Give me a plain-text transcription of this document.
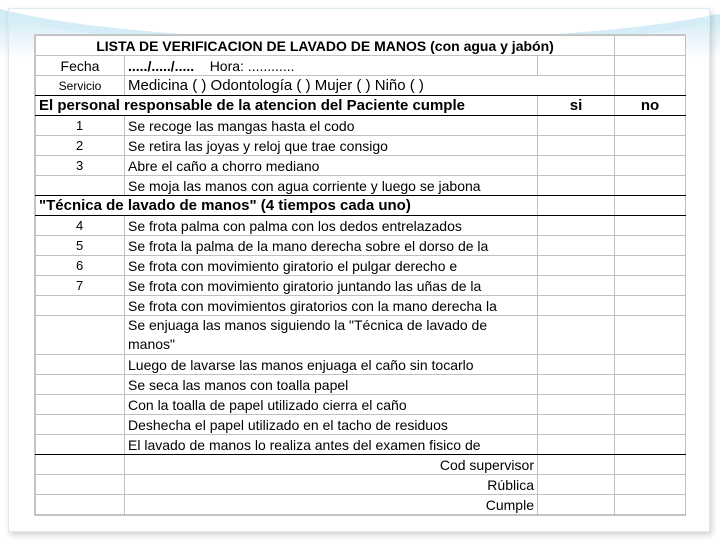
LISTA DE VERIFICACION DE LAVADO DE MANOS (con agua y jabón)			
Fecha	...../...../..... Hora: ............		
Servicio	Medicina ( ) Odontología ( ) Mujer ( ) Niño ( )		
El personal responsable de la atencion del Paciente cumple		si	no
1	Se recoge las mangas hasta el codo		
2	Se retira las joyas y reloj que trae consigo		
3	Abre el caño a chorro mediano		
	Se moja las manos con agua corriente y luego se jabona		
"Técnica de lavado de manos" (4 tiempos cada uno)			
4	Se frota palma con palma con los dedos entrelazados		
5	Se frota la palma de la mano derecha sobre el dorso de la		
6	Se frota con movimiento giratorio el pulgar derecho e		
7	Se frota con movimiento giratorio juntando las uñas de la		
	Se frota con movimientos giratorios con la mano derecha la		
	Se enjuaga las manos siguiendo la "Técnica de lavado de manos"		
	Luego de lavarse las manos enjuaga el caño sin tocarlo		
	Se seca las manos con toalla papel		
	Con la toalla de papel utilizado cierra el caño		
	Deshecha el papel utilizado en el tacho de residuos		
	El lavado de manos lo realiza antes del examen fisico de		
	Cod supervisor		
	Rública		
	Cumple		
